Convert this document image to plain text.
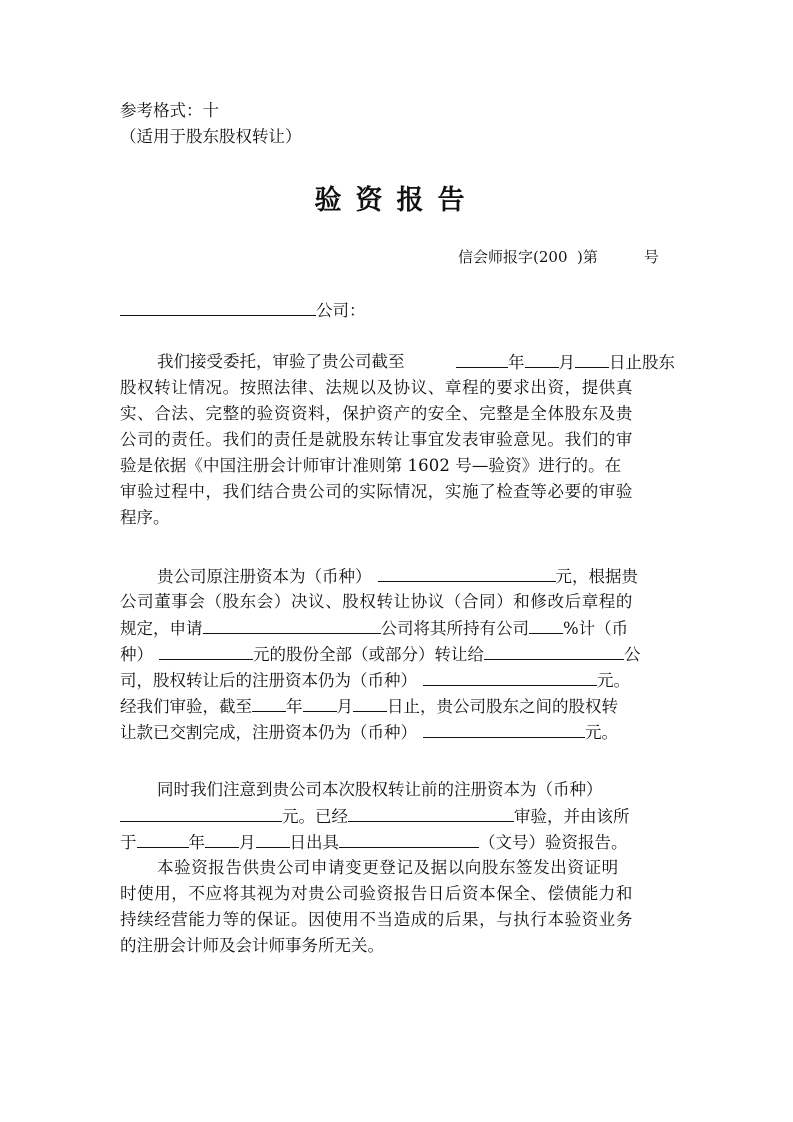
参考格式：十
（适用于股东股权转让）
验资报告
信会师报字(200  )第	号
公司：
我们接受委托，审验了贵公司截至	年 月 日止股东
股权转让情况。按照法律、法规以及协议、章程的要求出资，提供真
实、合法、完整的验资资料，保护资产的安全、完整是全体股东及贵
公司的责任。我们的责任是就股东转让事宜发表审验意见。我们的审
验是依据《中国注册会计师审计准则第 1602 号—验资》进行的。在
审验过程中，我们结合贵公司的实际情况，实施了检查等必要的审验
程序。
贵公司原注册资本为（币种）	元，根据贵
公司董事会（股东会）决议、股权转让协议（合同）和修改后章程的
规定，申请	公司将其所持有公司 %计（币
种）	元的股份全部（或部分）转让给	公
司，股权转让后的注册资本仍为（币种）	元。
经我们审验，截至 年 月 日止，贵公司股东之间的股权转
让款已交割完成，注册资本仍为（币种）	元。
同时我们注意到贵公司本次股权转让前的注册资本为（币种）
元。已经	审验，并由该所
于	年 月 日出具	（文号）验资报告。
本验资报告供贵公司申请变更登记及据以向股东签发出资证明
时使用，不应将其视为对贵公司验资报告日后资本保全、偿债能力和
持续经营能力等的保证。因使用不当造成的后果，与执行本验资业务
的注册会计师及会计师事务所无关。
